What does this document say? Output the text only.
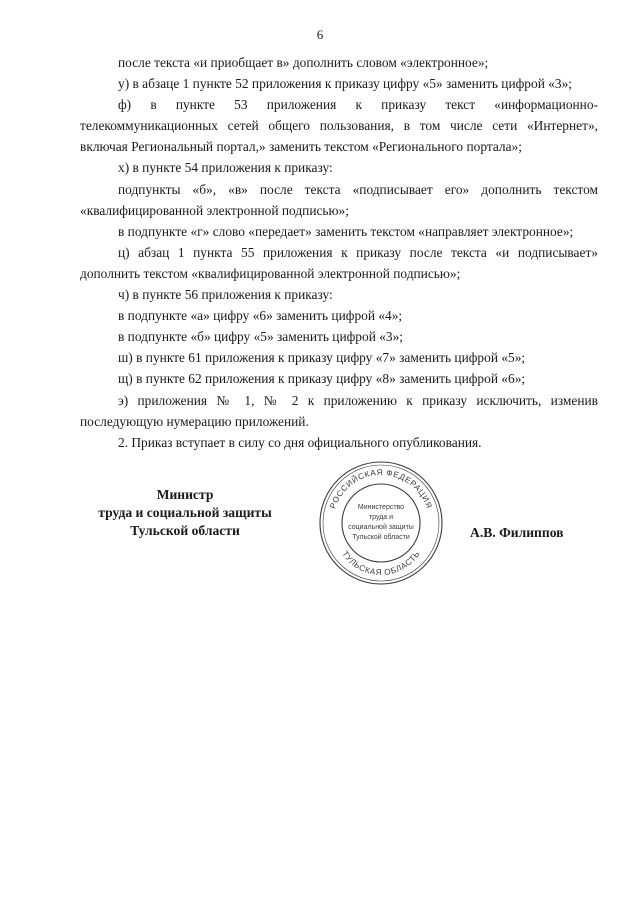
6

после текста «и приобщает в» дополнить словом «электронное»;

у) в абзаце 1 пункте 52 приложения к приказу цифру «5» заменить цифрой «3»;

ф) в пункте 53 приложения к приказу текст «информационно-телекоммуникационных сетей общего пользования, в том числе сети «Интернет», включая Региональный портал,» заменить текстом «Регионального портала»;

х) в пункте 54 приложения к приказу:

подпункты «б», «в» после текста «подписывает его» дополнить текстом «квалифицированной электронной подписью»;

в подпункте «г» слово «передает» заменить текстом «направляет электронное»;

ц) абзац 1 пункта 55 приложения к приказу после текста «и подписывает» дополнить текстом «квалифицированной электронной подписью»;

ч) в пункте 56 приложения к приказу:

в подпункте «а» цифру «6» заменить цифрой «4»;

в подпункте «б» цифру «5» заменить цифрой «3»;

ш) в пункте 61 приложения к приказу цифру «7» заменить цифрой «5»;

щ) в пункте 62 приложения к приказу цифру «8» заменить цифрой «6»;

э) приложения № 1, № 2 к приложению к приказу исключить, изменив последующую нумерацию приложений.

2. Приказ вступает в силу со дня официального опубликования.

Министр
труда и социальной защиты
Тульской области
РОССИЙСКАЯ ФЕДЕРАЦИЯ
ТУЛЬСКАЯ ОБЛАСТЬ
Министерство
труда и
социальной защиты
Тульской области	А.В. Филиппов
